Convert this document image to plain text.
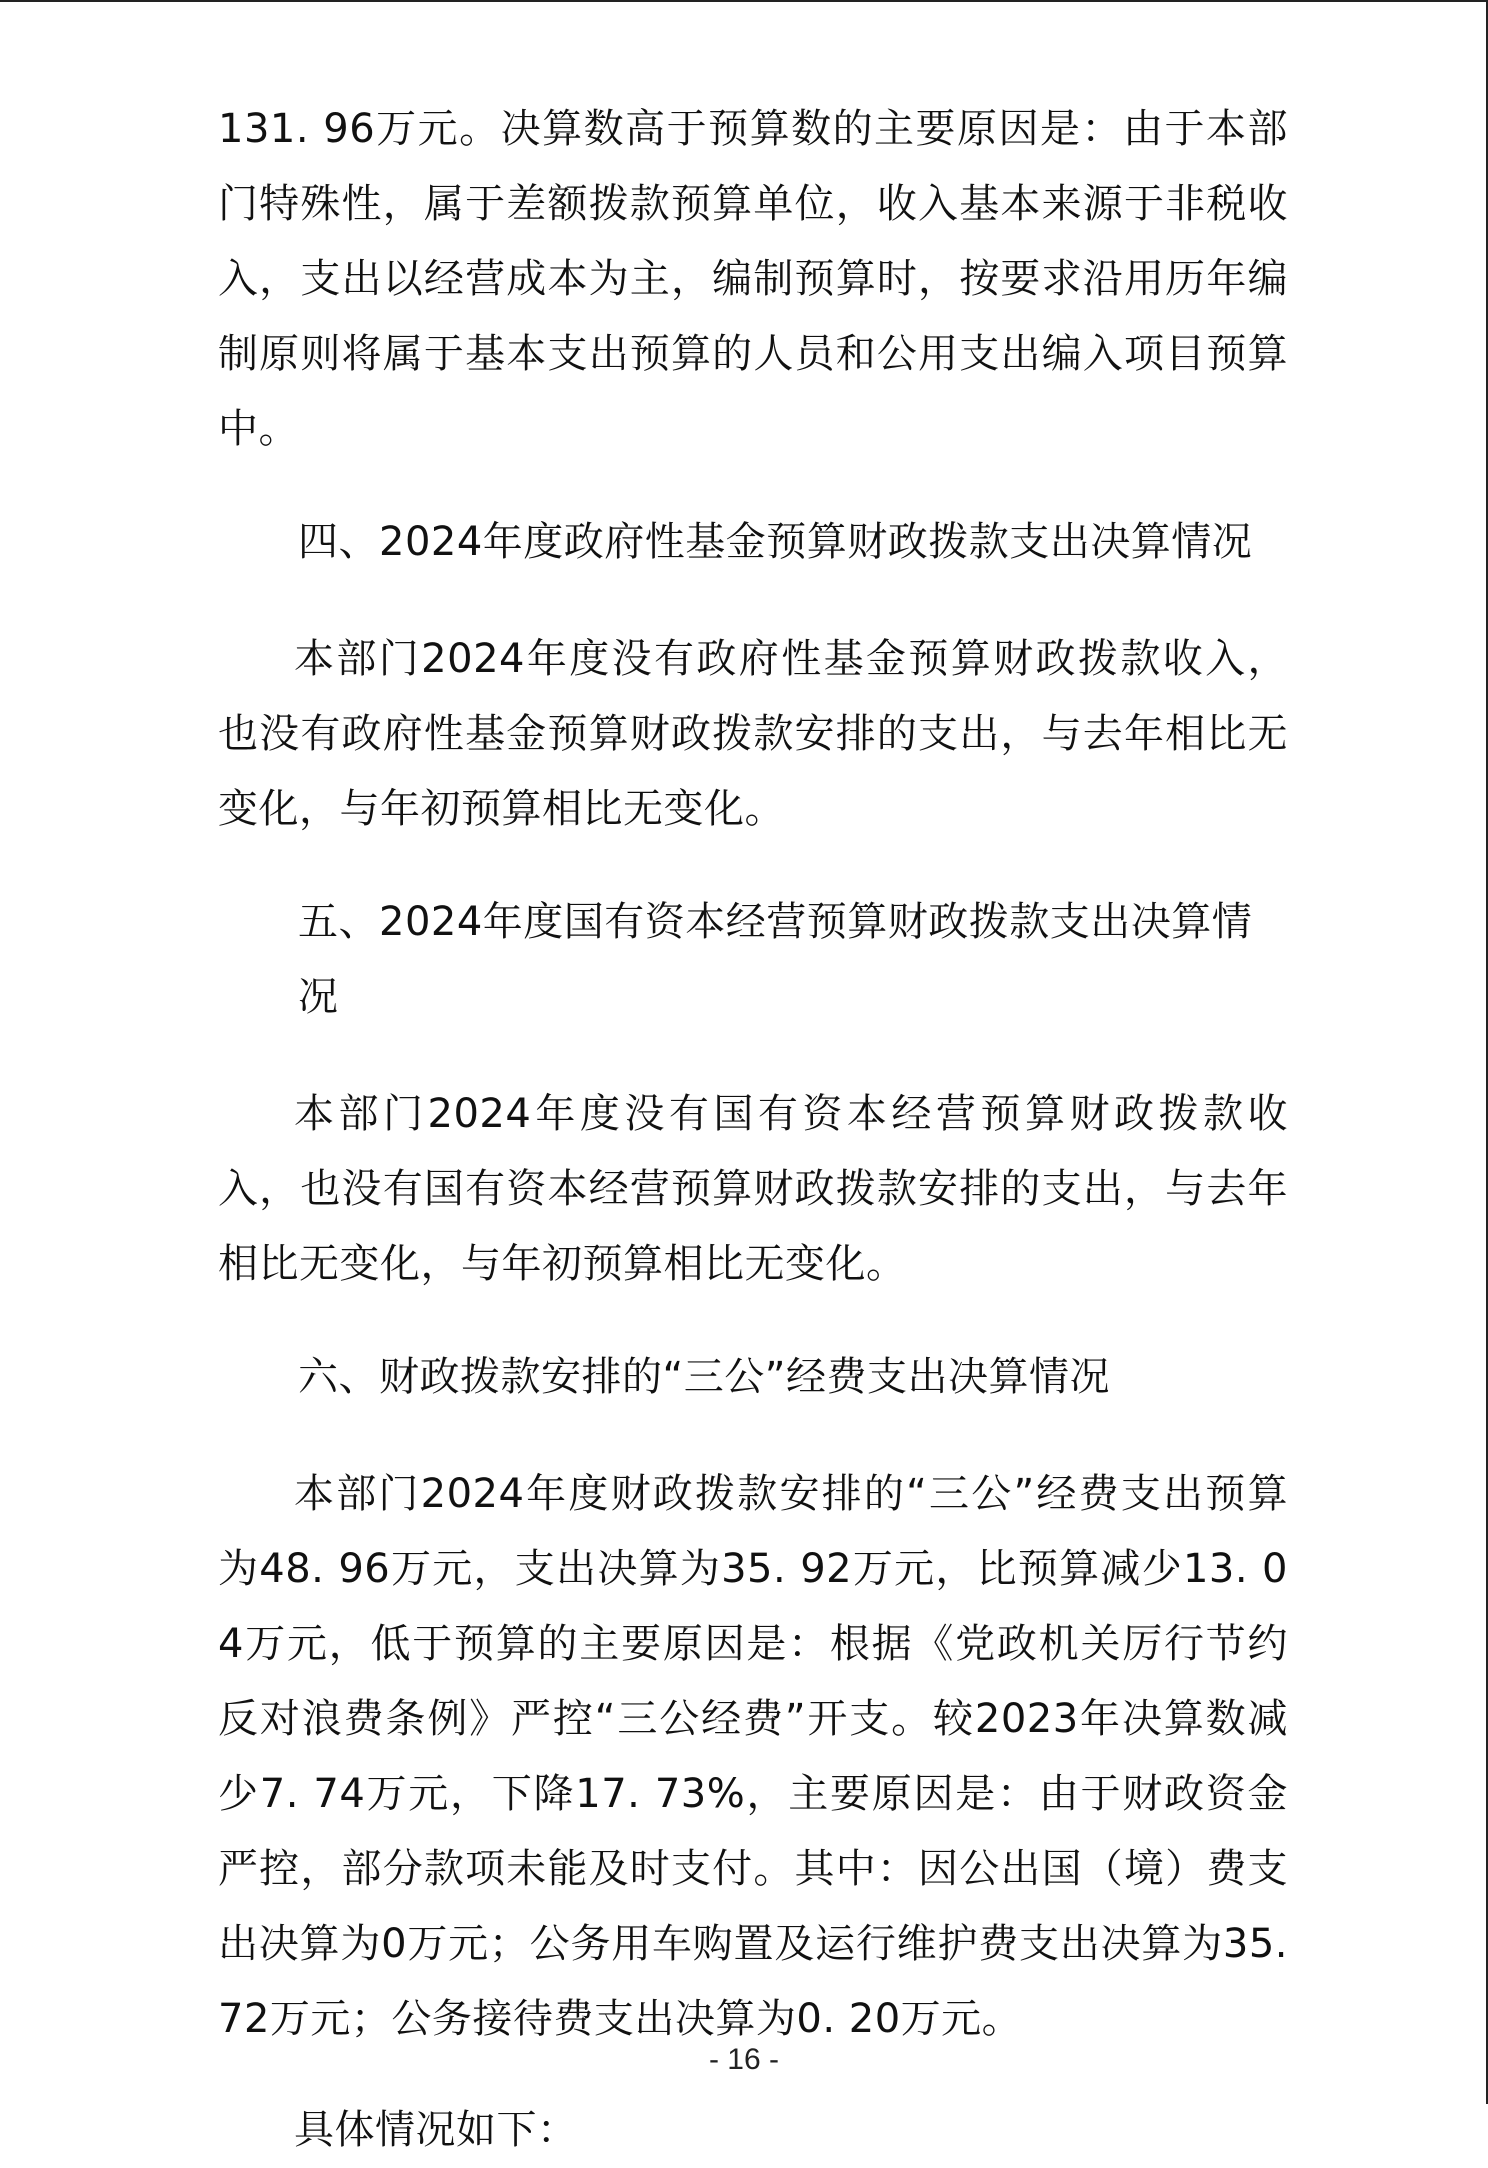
131. 96万元。决算数高于预算数的主要原因是：由于本部门特殊性，属于差额拨款预算单位，收入基本来源于非税收入，支出以经营成本为主，编制预算时，按要求沿用历年编制原则将属于基本支出预算的人员和公用支出编入项目预算中。

四、2024年度政府性基金预算财政拨款支出决算情况

本部门2024年度没有政府性基金预算财政拨款收入，也没有政府性基金预算财政拨款安排的支出，与去年相比无变化，与年初预算相比无变化。

五、2024年度国有资本经营预算财政拨款支出决算情况

本部门2024年度没有国有资本经营预算财政拨款收入，也没有国有资本经营预算财政拨款安排的支出，与去年相比无变化，与年初预算相比无变化。

六、财政拨款安排的“三公”经费支出决算情况

本部门2024年度财政拨款安排的“三公”经费支出预算为48. 96万元，支出决算为35. 92万元，比预算减少13. 04万元，低于预算的主要原因是：根据《党政机关厉行节约反对浪费条例》严控“三公经费”开支。较2023年决算数减少7. 74万元，下降17. 73%，主要原因是：由于财政资金严控，部分款项未能及时支付。其中：因公出国（境）费支出决算为0万元；公务用车购置及运行维护费支出决算为35. 72万元；公务接待费支出决算为0. 20万元。

具体情况如下：

- 16 -
